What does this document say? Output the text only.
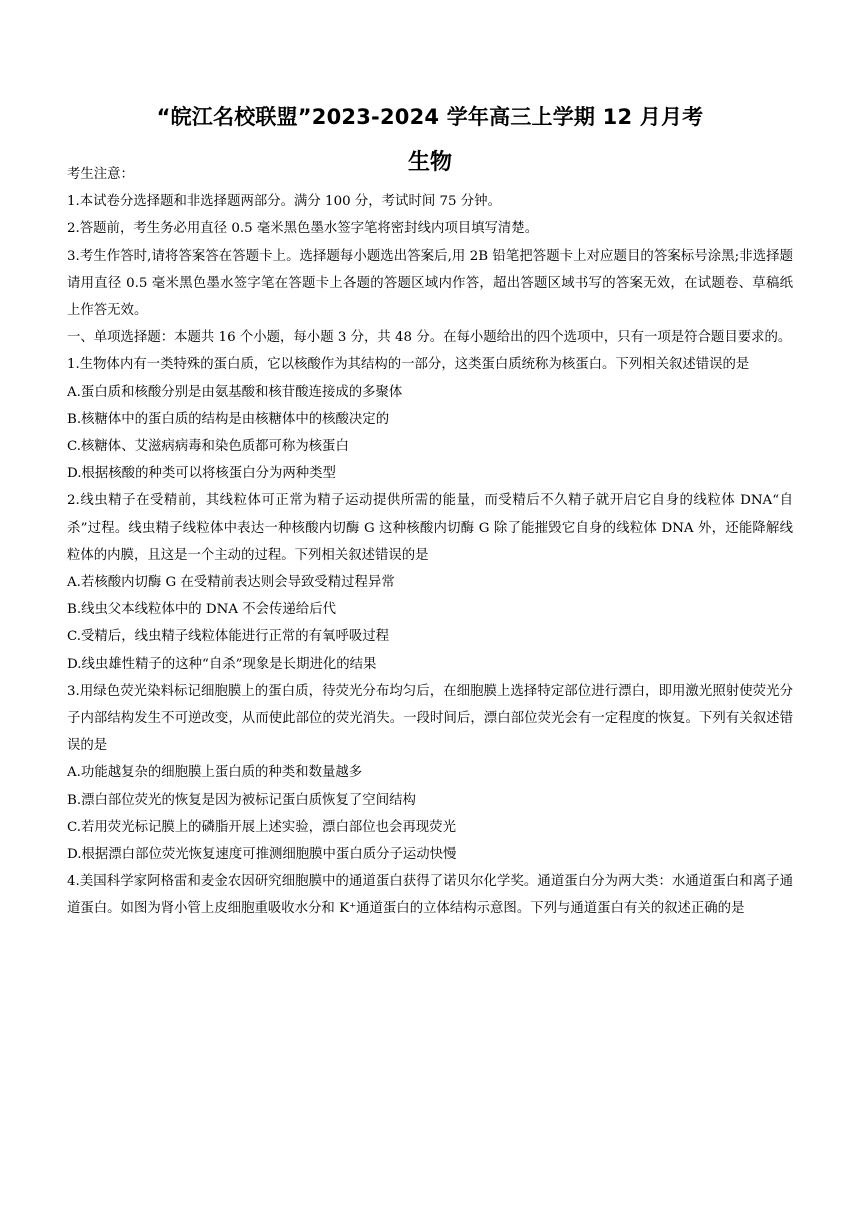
“皖江名校联盟”2023-2024 学年高三上学期 12 月月考
生物

考生注意：

1.本试卷分选择题和非选择题两部分。满分 100 分，考试时间 75 分钟。

2.答题前，考生务必用直径 0.5 毫米黑色墨水签字笔将密封线内项目填写清楚。

3.考生作答时,请将答案答在答题卡上。选择题每小题选出答案后,用 2B 铅笔把答题卡上对应题目的答案标号涂黑;非选择题请用直径 0.5 毫米黑色墨水签字笔在答题卡上各题的答题区域内作答，超出答题区域书写的答案无效，在试题卷、草稿纸上作答无效。

一、单项选择题：本题共 16 个小题，每小题 3 分，共 48 分。在每小题给出的四个选项中，只有一项是符合题目要求的。

1.生物体内有一类特殊的蛋白质，它以核酸作为其结构的一部分，这类蛋白质统称为核蛋白。下列相关叙述错误的是

A.蛋白质和核酸分别是由氨基酸和核苷酸连接成的多聚体

B.核糖体中的蛋白质的结构是由核糖体中的核酸决定的

C.核糖体、艾滋病病毒和染色质都可称为核蛋白

D.根据核酸的种类可以将核蛋白分为两种类型

2.线虫精子在受精前，其线粒体可正常为精子运动提供所需的能量，而受精后不久精子就开启它自身的线粒体 DNA“自杀”过程。线虫精子线粒体中表达一种核酸内切酶 G 这种核酸内切酶 G 除了能摧毁它自身的线粒体 DNA 外，还能降解线粒体的内膜，且这是一个主动的过程。下列相关叙述错误的是

A.若核酸内切酶 G 在受精前表达则会导致受精过程异常

B.线虫父本线粒体中的 DNA 不会传递给后代

C.受精后，线虫精子线粒体能进行正常的有氧呼吸过程

D.线虫雄性精子的这种“自杀”现象是长期进化的结果

3.用绿色荧光染料标记细胞膜上的蛋白质，待荧光分布均匀后，在细胞膜上选择特定部位进行漂白，即用激光照射使荧光分子内部结构发生不可逆改变，从而使此部位的荧光消失。一段时间后，漂白部位荧光会有一定程度的恢复。下列有关叙述错误的是

A.功能越复杂的细胞膜上蛋白质的种类和数量越多

B.漂白部位荧光的恢复是因为被标记蛋白质恢复了空间结构

C.若用荧光标记膜上的磷脂开展上述实验，漂白部位也会再现荧光

D.根据漂白部位荧光恢复速度可推测细胞膜中蛋白质分子运动快慢

4.美国科学家阿格雷和麦金农因研究细胞膜中的通道蛋白获得了诺贝尔化学奖。通道蛋白分为两大类：水通道蛋白和离子通道蛋白。如图为肾小管上皮细胞重吸收水分和 K⁺通道蛋白的立体结构示意图。下列与通道蛋白有关的叙述正确的是
